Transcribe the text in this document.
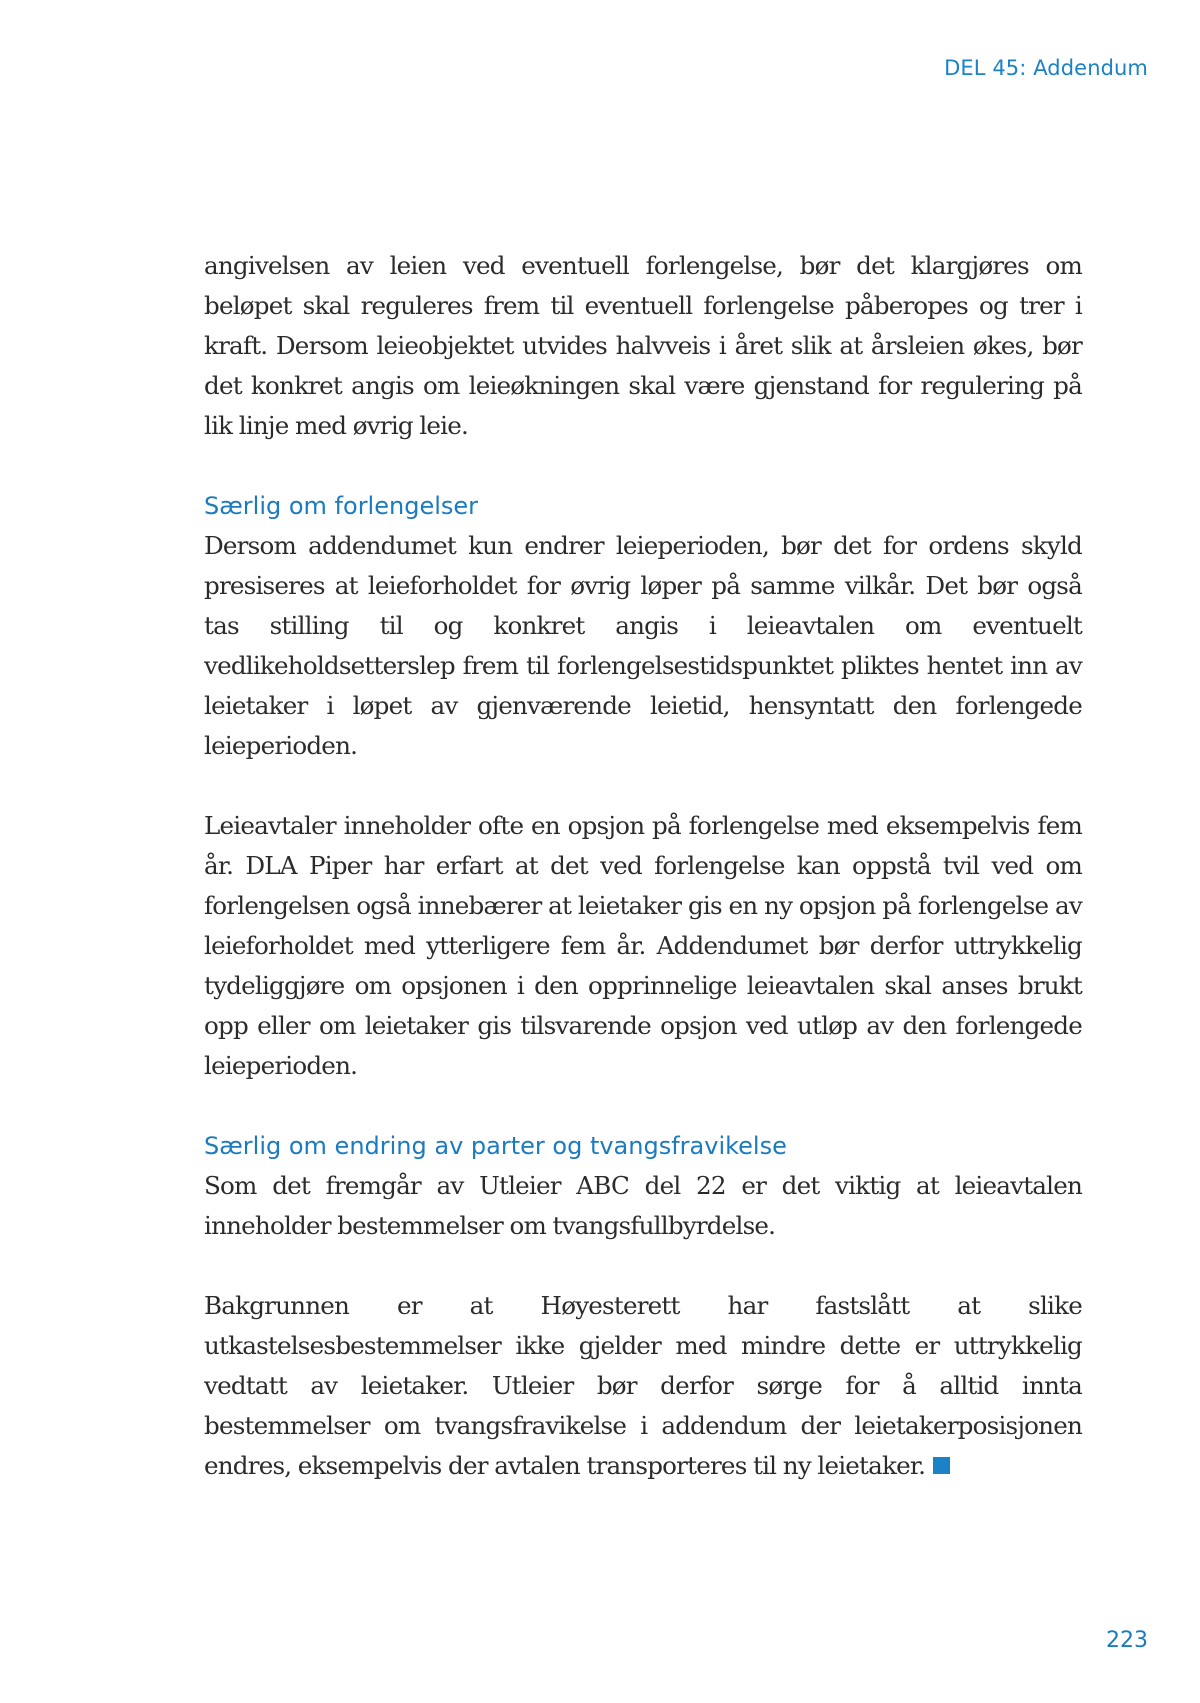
DEL 45: Addendum

angivelsen av leien ved eventuell forlengelse, bør det klargjøres om beløpet skal reguleres frem til eventuell forlengelse påberopes og trer i kraft. Dersom leieobjektet utvides halvveis i året slik at årsleien økes, bør det konkret angis om leieøkningen skal være gjenstand for regulering på lik linje med øvrig leie.

Særlig om forlengelser

Dersom addendumet kun endrer leieperioden, bør det for ordens skyld presiseres at leieforholdet for øvrig løper på samme vilkår. Det bør også tas stilling til og konkret angis i leieavtalen om eventuelt vedlikeholdsetterslep frem til forlengelsestidspunktet pliktes hentet inn av leietaker i løpet av gjenværende leietid, hensyntatt den forlengede leieperioden.

Leieavtaler inneholder ofte en opsjon på forlengelse med eksempelvis fem år. DLA Piper har erfart at det ved forlengelse kan oppstå tvil ved om forlengelsen også innebærer at leietaker gis en ny opsjon på forlengelse av leieforholdet med ytterligere fem år. Addendumet bør derfor uttrykkelig tydeliggjøre om opsjonen i den opprinnelige leieavtalen skal anses brukt opp eller om leietaker gis tilsvarende opsjon ved utløp av den forlengede leieperioden.

Særlig om endring av parter og tvangsfravikelse

Som det fremgår av Utleier ABC del 22 er det viktig at leieavtalen inneholder bestemmelser om tvangsfullbyrdelse.

Bakgrunnen er at Høyesterett har fastslått at slike utkastelsesbestemmelser ikke gjelder med mindre dette er uttrykkelig vedtatt av leietaker. Utleier bør derfor sørge for å alltid innta bestemmelser om tvangsfravikelse i addendum der leietakerposisjonen endres, eksempelvis der avtalen transporteres til ny leietaker.

223
